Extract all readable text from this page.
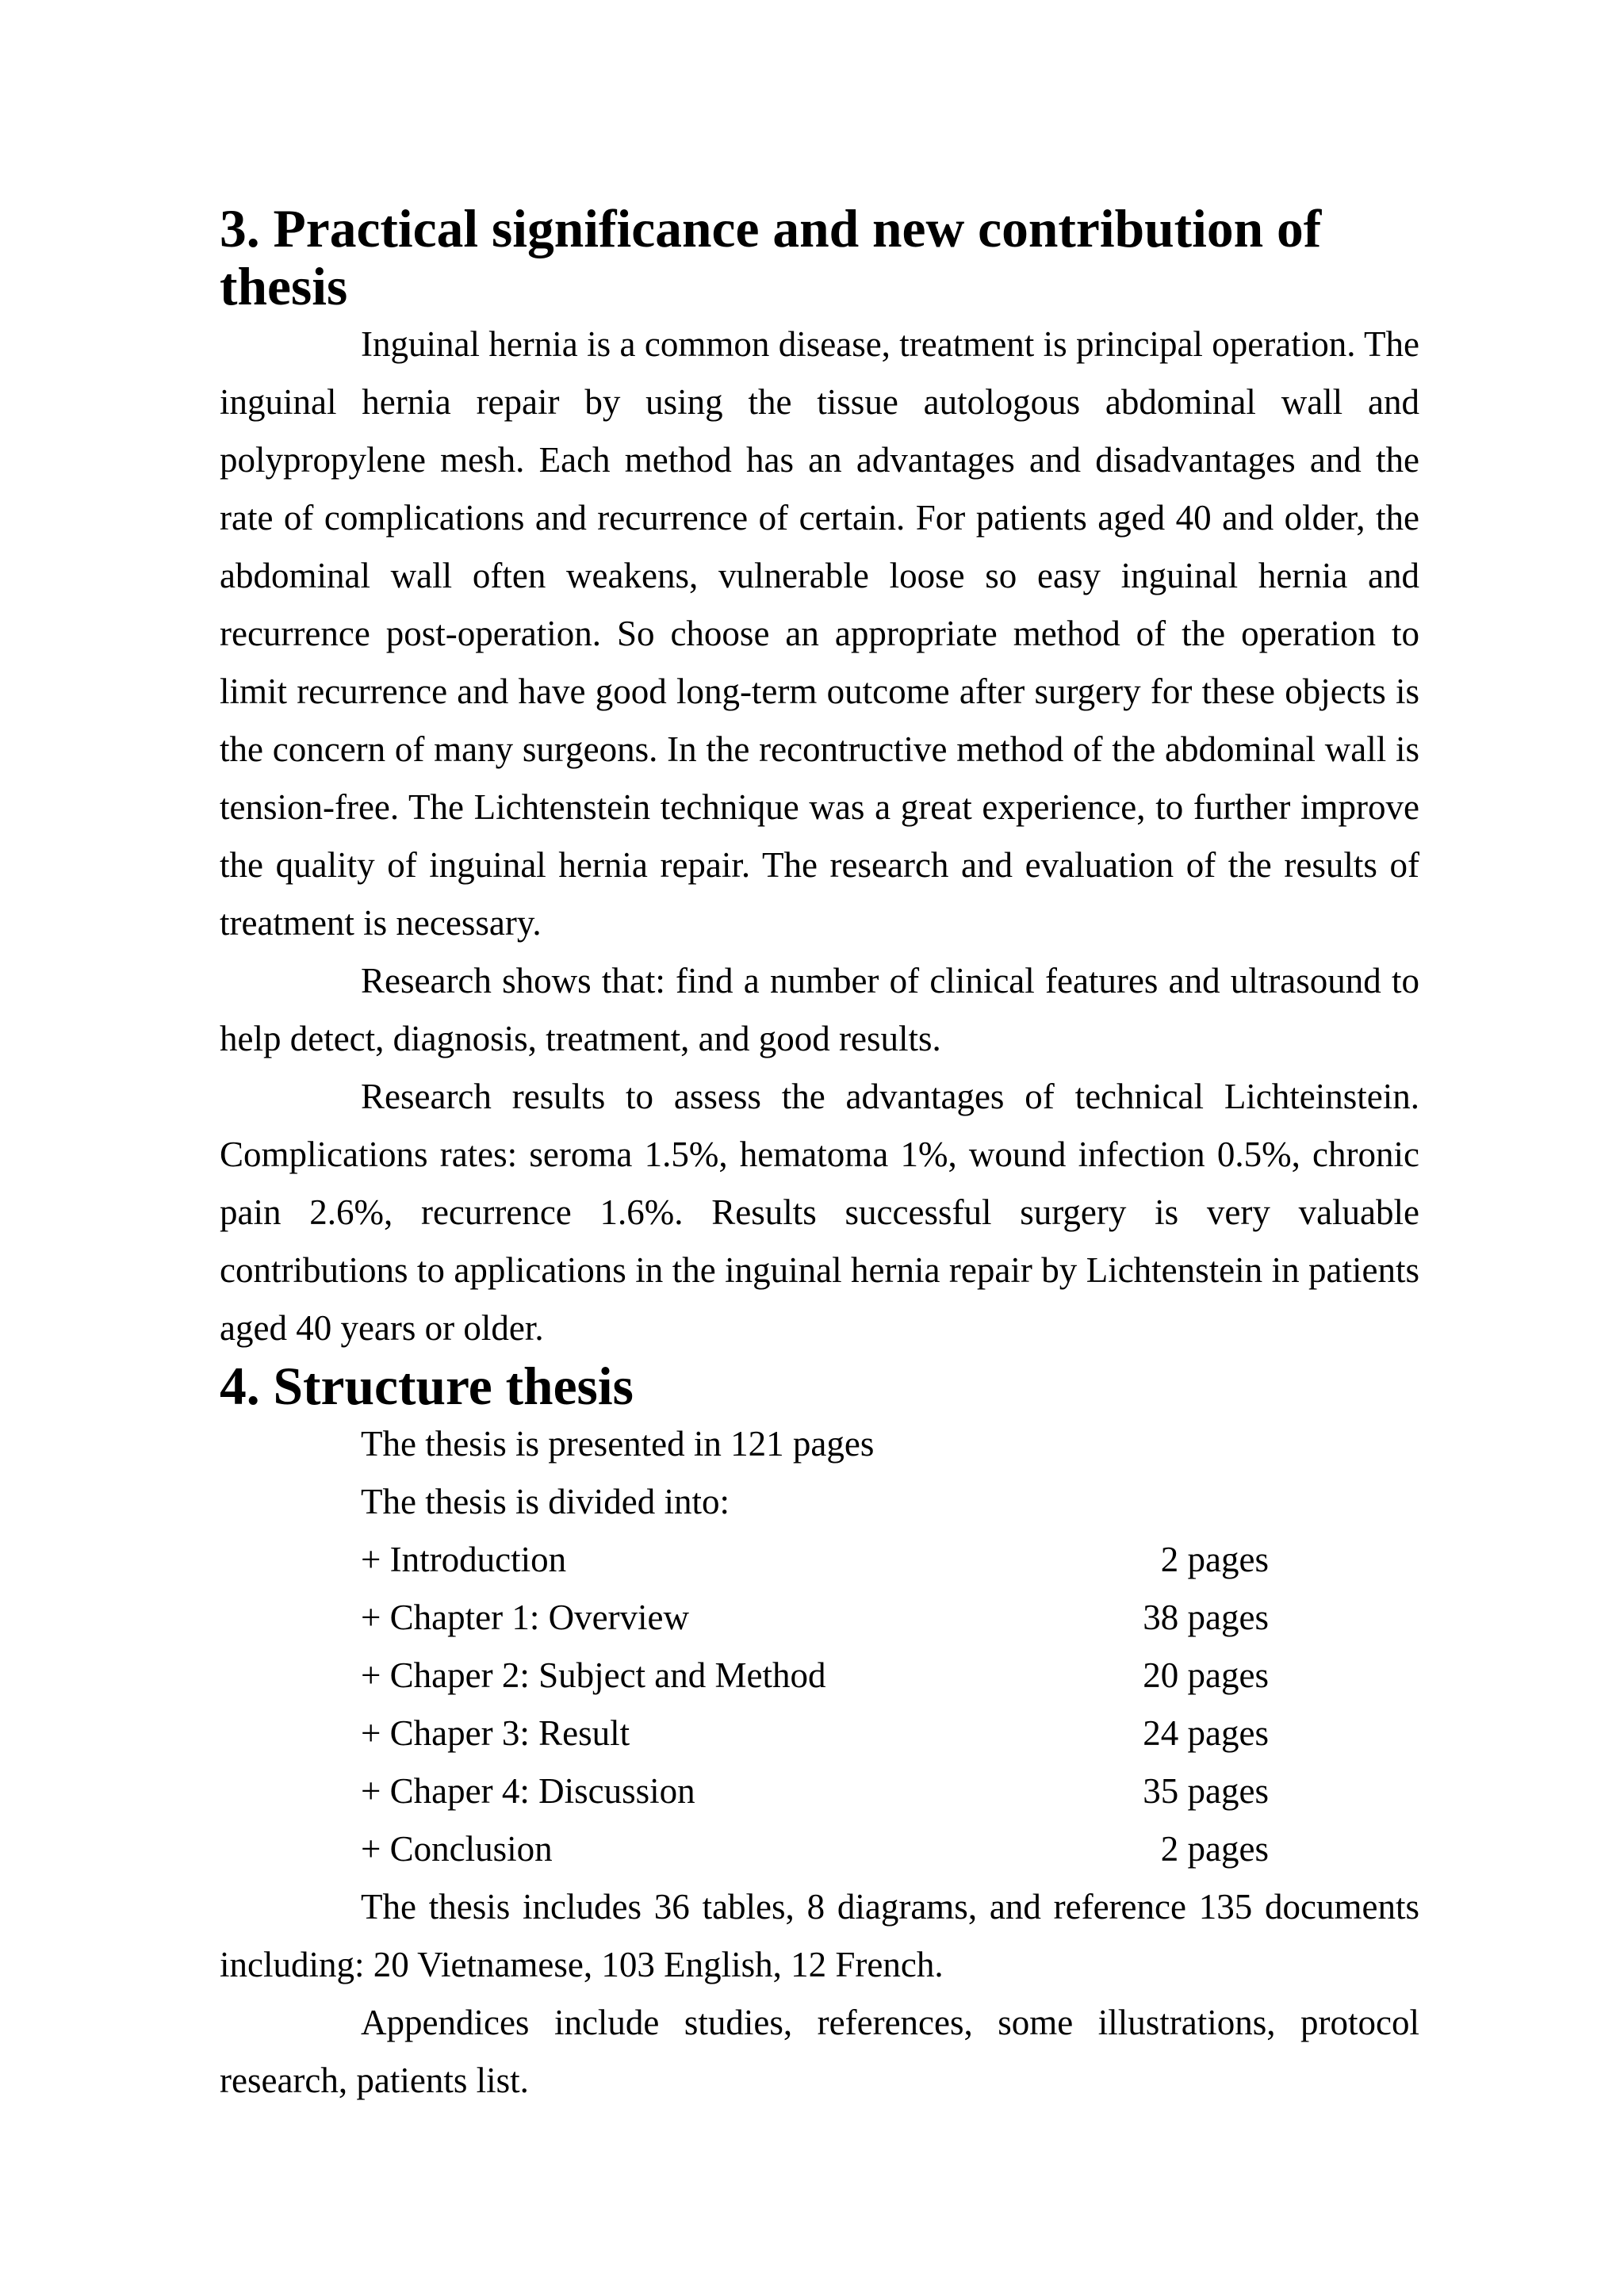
3. Practical significance and new contribution of thesis

Inguinal hernia is a common disease, treatment is principal operation. The inguinal hernia repair by using the tissue autologous abdominal wall and polypropylene mesh. Each method has an advantages and disadvantages and the rate of complications and recurrence of certain. For patients aged 40 and older, the abdominal wall often weakens, vulnerable loose so easy inguinal hernia and recurrence post-operation. So choose an appropriate method of the operation to limit recurrence and have good long-term outcome after surgery for these objects is the concern of many surgeons. In the recontructive method of the abdominal wall is tension-free. The Lichtenstein technique was a great experience, to further improve the quality of inguinal hernia repair. The research and evaluation of the results of treatment is necessary.

Research shows that: find a number of clinical features and ultrasound to help detect, diagnosis, treatment, and good results.

Research results to assess the advantages of technical Lichteinstein. Complications rates: seroma 1.5%, hematoma 1%, wound infection 0.5%, chronic pain 2.6%, recurrence 1.6%. Results successful surgery is very valuable contributions to applications in the inguinal hernia repair by Lichtenstein in patients aged 40 years or older.

4. Structure thesis
The thesis is presented in 121 pages
The thesis is divided into:
+ Introduction	2 pages
+ Chapter 1: Overview	38 pages
+ Chaper 2: Subject and Method	20 pages
+ Chaper 3: Result	24 pages
+ Chaper 4: Discussion	35 pages
+ Conclusion	2 pages

The thesis includes 36 tables, 8 diagrams, and reference 135 documents including: 20 Vietnamese, 103 English, 12 French.

Appendices include studies, references, some illustrations, protocol research, patients list.
